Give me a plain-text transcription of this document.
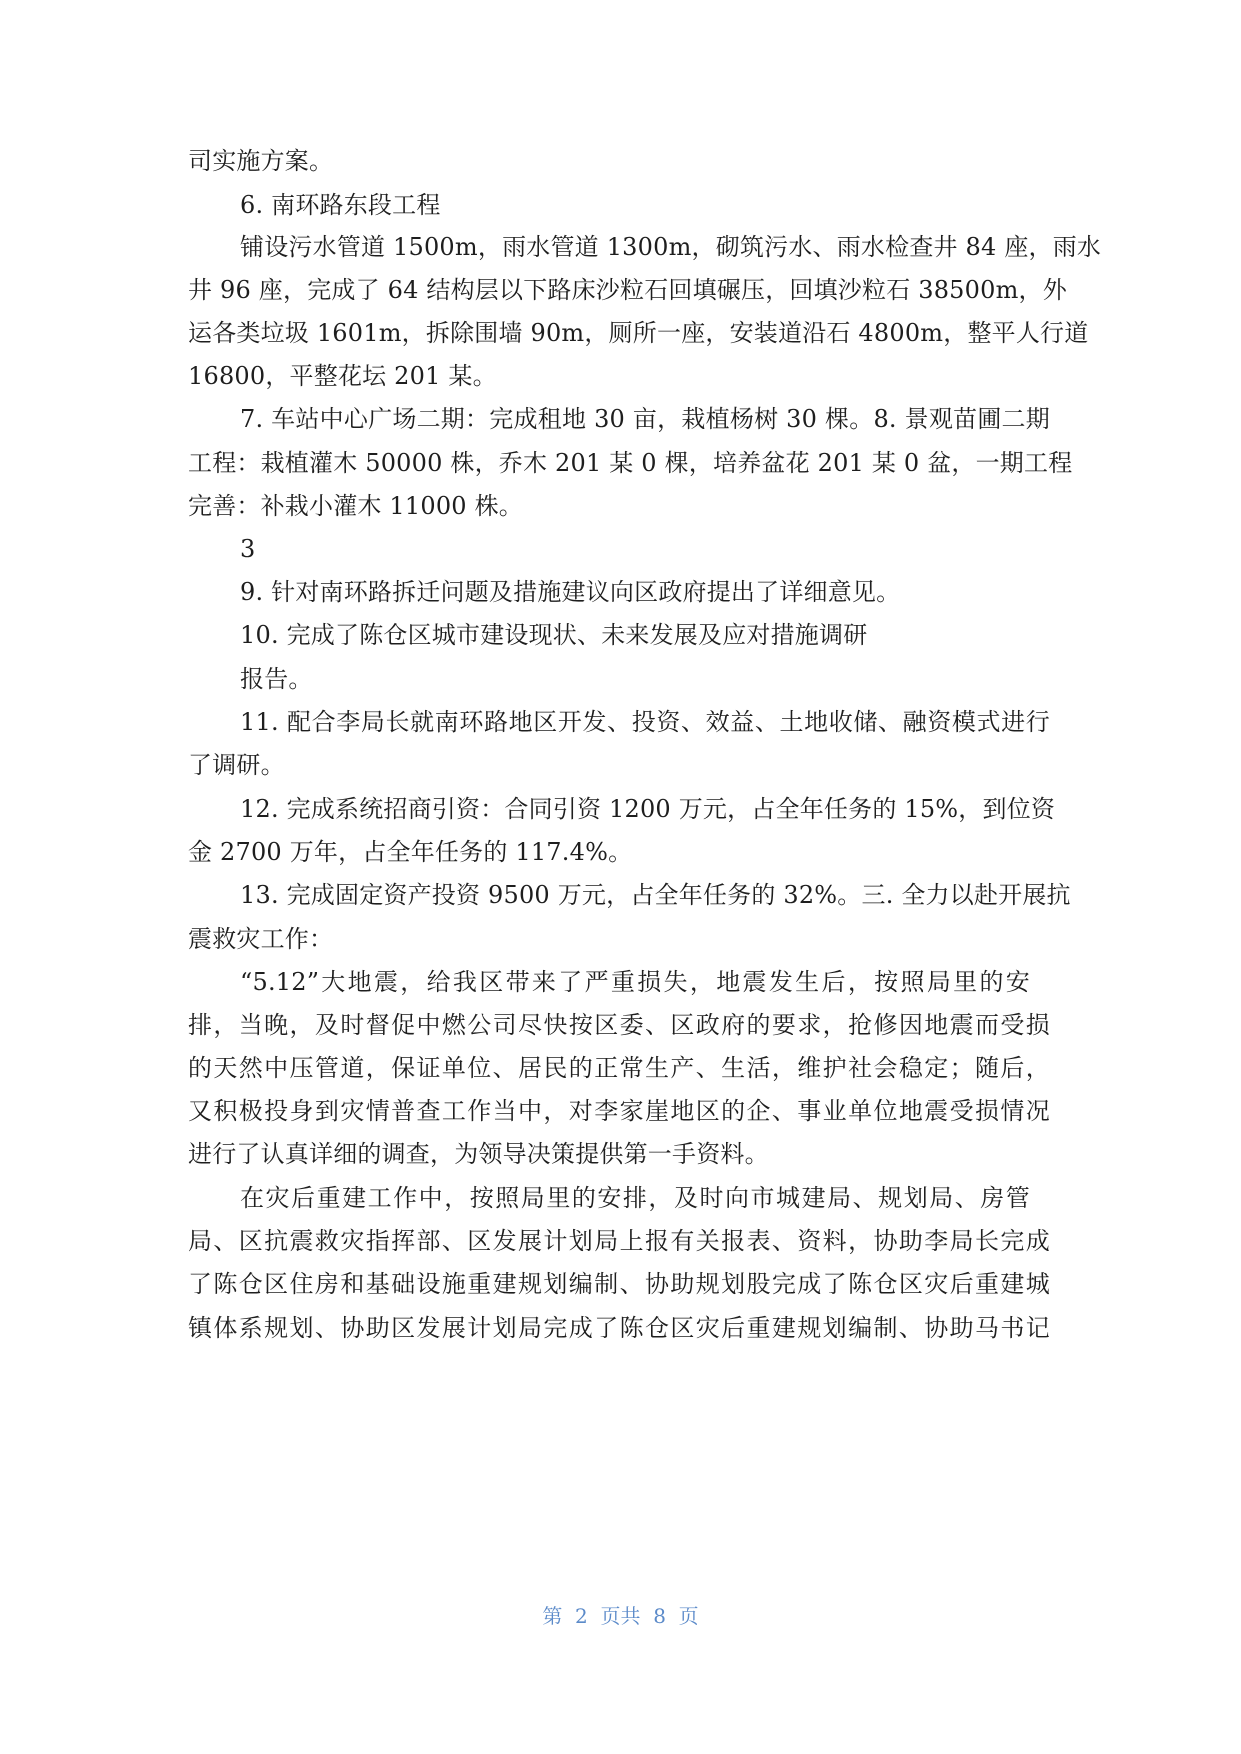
司实施方案。
6. 南环路东段工程
铺设污水管道 1500m，雨水管道 1300m，砌筑污水、雨水检查井 84 座，雨水
井 96 座，完成了 64 结构层以下路床沙粒石回填碾压，回填沙粒石 38500m，外
运各类垃圾 1601m，拆除围墙 90m，厕所一座，安装道沿石 4800m，整平人行道
16800，平整花坛 201 某。
7. 车站中心广场二期：完成租地 30 亩，栽植杨树 30 棵。8. 景观苗圃二期
工程：栽植灌木 50000 株，乔木 201 某 0 棵，培养盆花 201 某 0 盆，一期工程
完善：补栽小灌木 11000 株。
3
9. 针对南环路拆迁问题及措施建议向区政府提出了详细意见。
10. 完成了陈仓区城市建设现状、未来发展及应对措施调研
报告。
11. 配合李局长就南环路地区开发、投资、效益、土地收储、融资模式进行
了调研。
12. 完成系统招商引资：合同引资 1200 万元，占全年任务的 15%，到位资
金 2700 万年，占全年任务的 117.4%。
13. 完成固定资产投资 9500 万元，占全年任务的 32%。三. 全力以赴开展抗
震救灾工作：
“5.12”大地震，给我区带来了严重损失，地震发生后，按照局里的安
排，当晚，及时督促中燃公司尽快按区委、区政府的要求，抢修因地震而受损
的天然中压管道，保证单位、居民的正常生产、生活，维护社会稳定；随后，
又积极投身到灾情普查工作当中，对李家崖地区的企、事业单位地震受损情况
进行了认真详细的调查，为领导决策提供第一手资料。
在灾后重建工作中，按照局里的安排，及时向市城建局、规划局、房管
局、区抗震救灾指挥部、区发展计划局上报有关报表、资料，协助李局长完成
了陈仓区住房和基础设施重建规划编制、协助规划股完成了陈仓区灾后重建城
镇体系规划、协助区发展计划局完成了陈仓区灾后重建规划编制、协助马书记
第  2  页共  8  页
